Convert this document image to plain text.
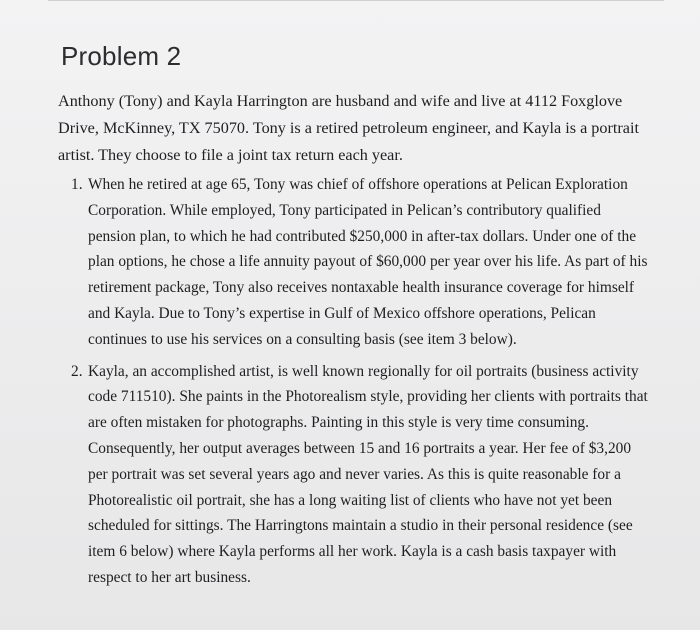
Problem 2

Anthony (Tony) and Kayla Harrington are husband and wife and live at 4112 Foxglove Drive, McKinney, TX 75070. Tony is a retired petroleum engineer, and Kayla is a portrait artist. They choose to file a joint tax return each year.

1. When he retired at age 65, Tony was chief of offshore operations at Pelican Exploration Corporation. While employed, Tony participated in Pelican’s contributory qualified pension plan, to which he had contributed $250,000 in after-tax dollars. Under one of the plan options, he chose a life annuity payout of $60,000 per year over his life. As part of his retirement package, Tony also receives nontaxable health insurance coverage for himself and Kayla. Due to Tony’s expertise in Gulf of Mexico offshore operations, Pelican continues to use his services on a consulting basis (see item 3 below).
2. Kayla, an accomplished artist, is well known regionally for oil portraits (business activity code 711510). She paints in the Photorealism style, providing her clients with portraits that are often mistaken for photographs. Painting in this style is very time consuming. Consequently, her output averages between 15 and 16 portraits a year. Her fee of $3,200 per portrait was set several years ago and never varies. As this is quite reasonable for a Photorealistic oil portrait, she has a long waiting list of clients who have not yet been scheduled for sittings. The Harringtons maintain a studio in their personal residence (see item 6 below) where Kayla performs all her work. Kayla is a cash basis taxpayer with respect to her art business.
